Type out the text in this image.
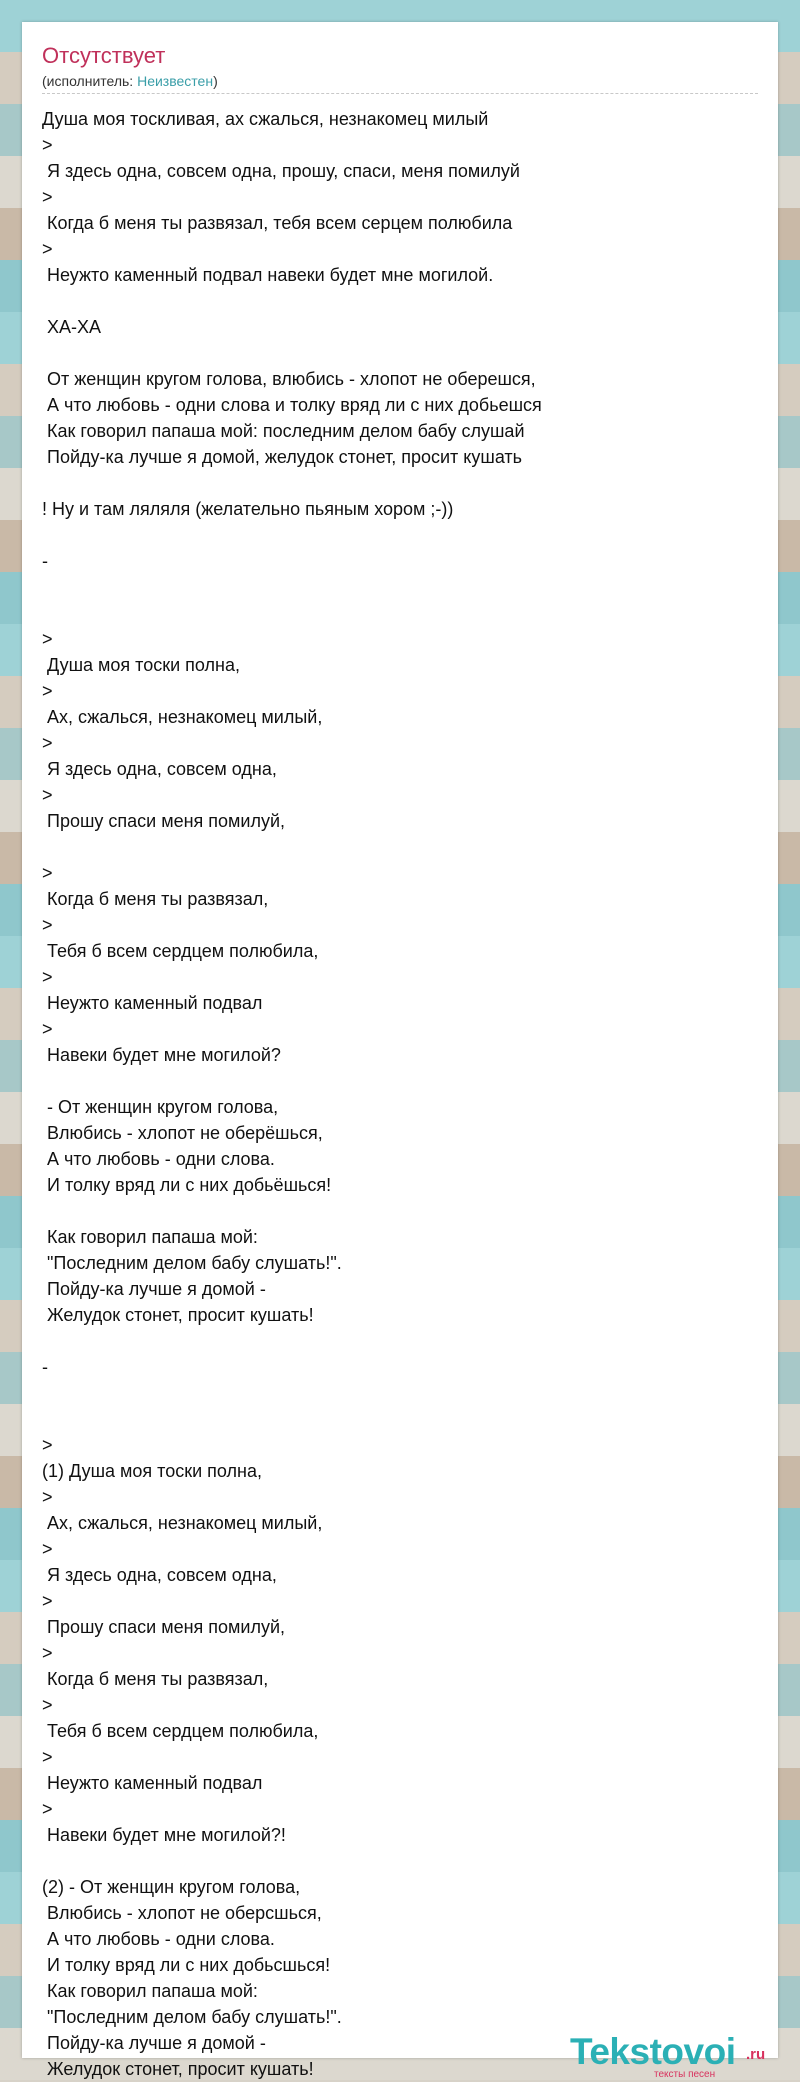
Отсутствует
(исполнитель: Неизвестен)
Душа моя тоскливая, ах сжалься, незнакомец милый
>
Я здесь одна, совсем одна, прошу, спаси, меня помилуй
>
Когда б меня ты развязал, тебя всем серцем полюбила
>
Неужто каменный подвал навеки будет мне могилой.

ХА-ХА

От женщин кругом голова, влюбись - хлопот не оберешся,
А что любовь - одни слова и толку вряд ли с них добьешся
Как говорил папаша мой: последним делом бабу слушай
Пойду-ка лучше я домой, желудок стонет, просит кушать

! Ну и там ляляля (желательно пьяным хором ;-))

-

>
Душа моя тоски полна,
>
Ах, сжалься, незнакомец милый,
>
Я здесь одна, совсем одна,
>
Прошу спаси меня помилуй,

>
Когда б меня ты развязал,
>
Тебя б всем сердцем полюбила,
>
Неужто каменный подвал
>
Навеки будет мне могилой?

- От женщин кругом голова,
Влюбись - хлопот не оберёшься,
А что любовь - одни слова.
И толку вряд ли с них добьёшься!

Как говорил папаша мой:
"Последним делом бабу слушать!".
Пойду-ка лучше я домой -
Желудок стонет, просит кушать!

-

>
(1) Душа моя тоски полна,
>
Ах, сжалься, незнакомец милый,
>
Я здесь одна, совсем одна,
>
Прошу спаси меня помилуй,
>
Когда б меня ты развязал,
>
Тебя б всем сердцем полюбила,
>
Неужто каменный подвал
>
Навеки будет мне могилой?!

(2) - От женщин кругом голова,
Влюбись - хлопот не оберсшься,
А что любовь - одни слова.
И толку вряд ли с них добьсшься!
Как говорил папаша мой:
"Последним делом бабу слушать!".
Пойду-ка лучше я домой -
Желудок стонет, просит кушать!	Tekstovoi .ru
тексты песен
